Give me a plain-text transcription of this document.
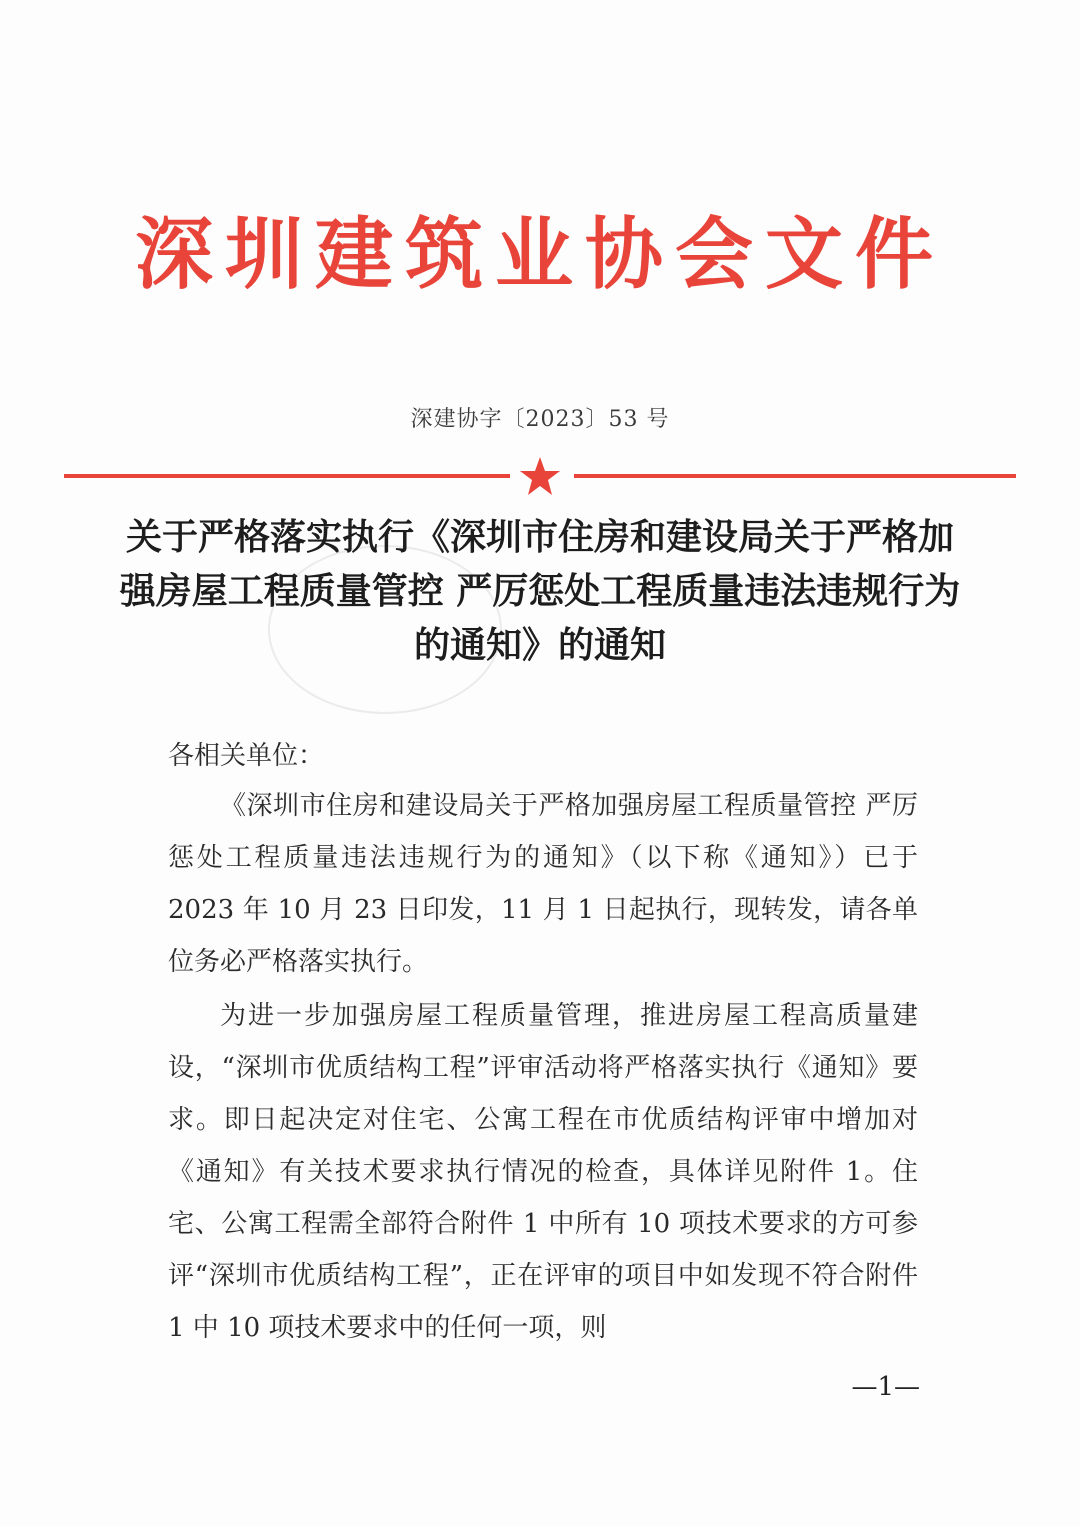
深圳建筑业协会文件
深建协字〔2023〕53 号
关于严格落实执行《深圳市住房和建设局关于严格加强房屋工程质量管控 严厉惩处工程质量违法违规行为的通知》的通知
各相关单位：
《深圳市住房和建设局关于严格加强房屋工程质量管控 严厉惩处工程质量违法违规行为的通知》（以下称《通知》）已于 2023 年 10 月 23 日印发，11 月 1 日起执行，现转发，请各单位务必严格落实执行。
为进一步加强房屋工程质量管理，推进房屋工程高质量建设，“深圳市优质结构工程”评审活动将严格落实执行《通知》要求。即日起决定对住宅、公寓工程在市优质结构评审中增加对《通知》有关技术要求执行情况的检查，具体详见附件 1。住宅、公寓工程需全部符合附件 1 中所有 10 项技术要求的方可参评“深圳市优质结构工程”，正在评审的项目中如发现不符合附件 1 中 10 项技术要求中的任何一项，则
—1—
